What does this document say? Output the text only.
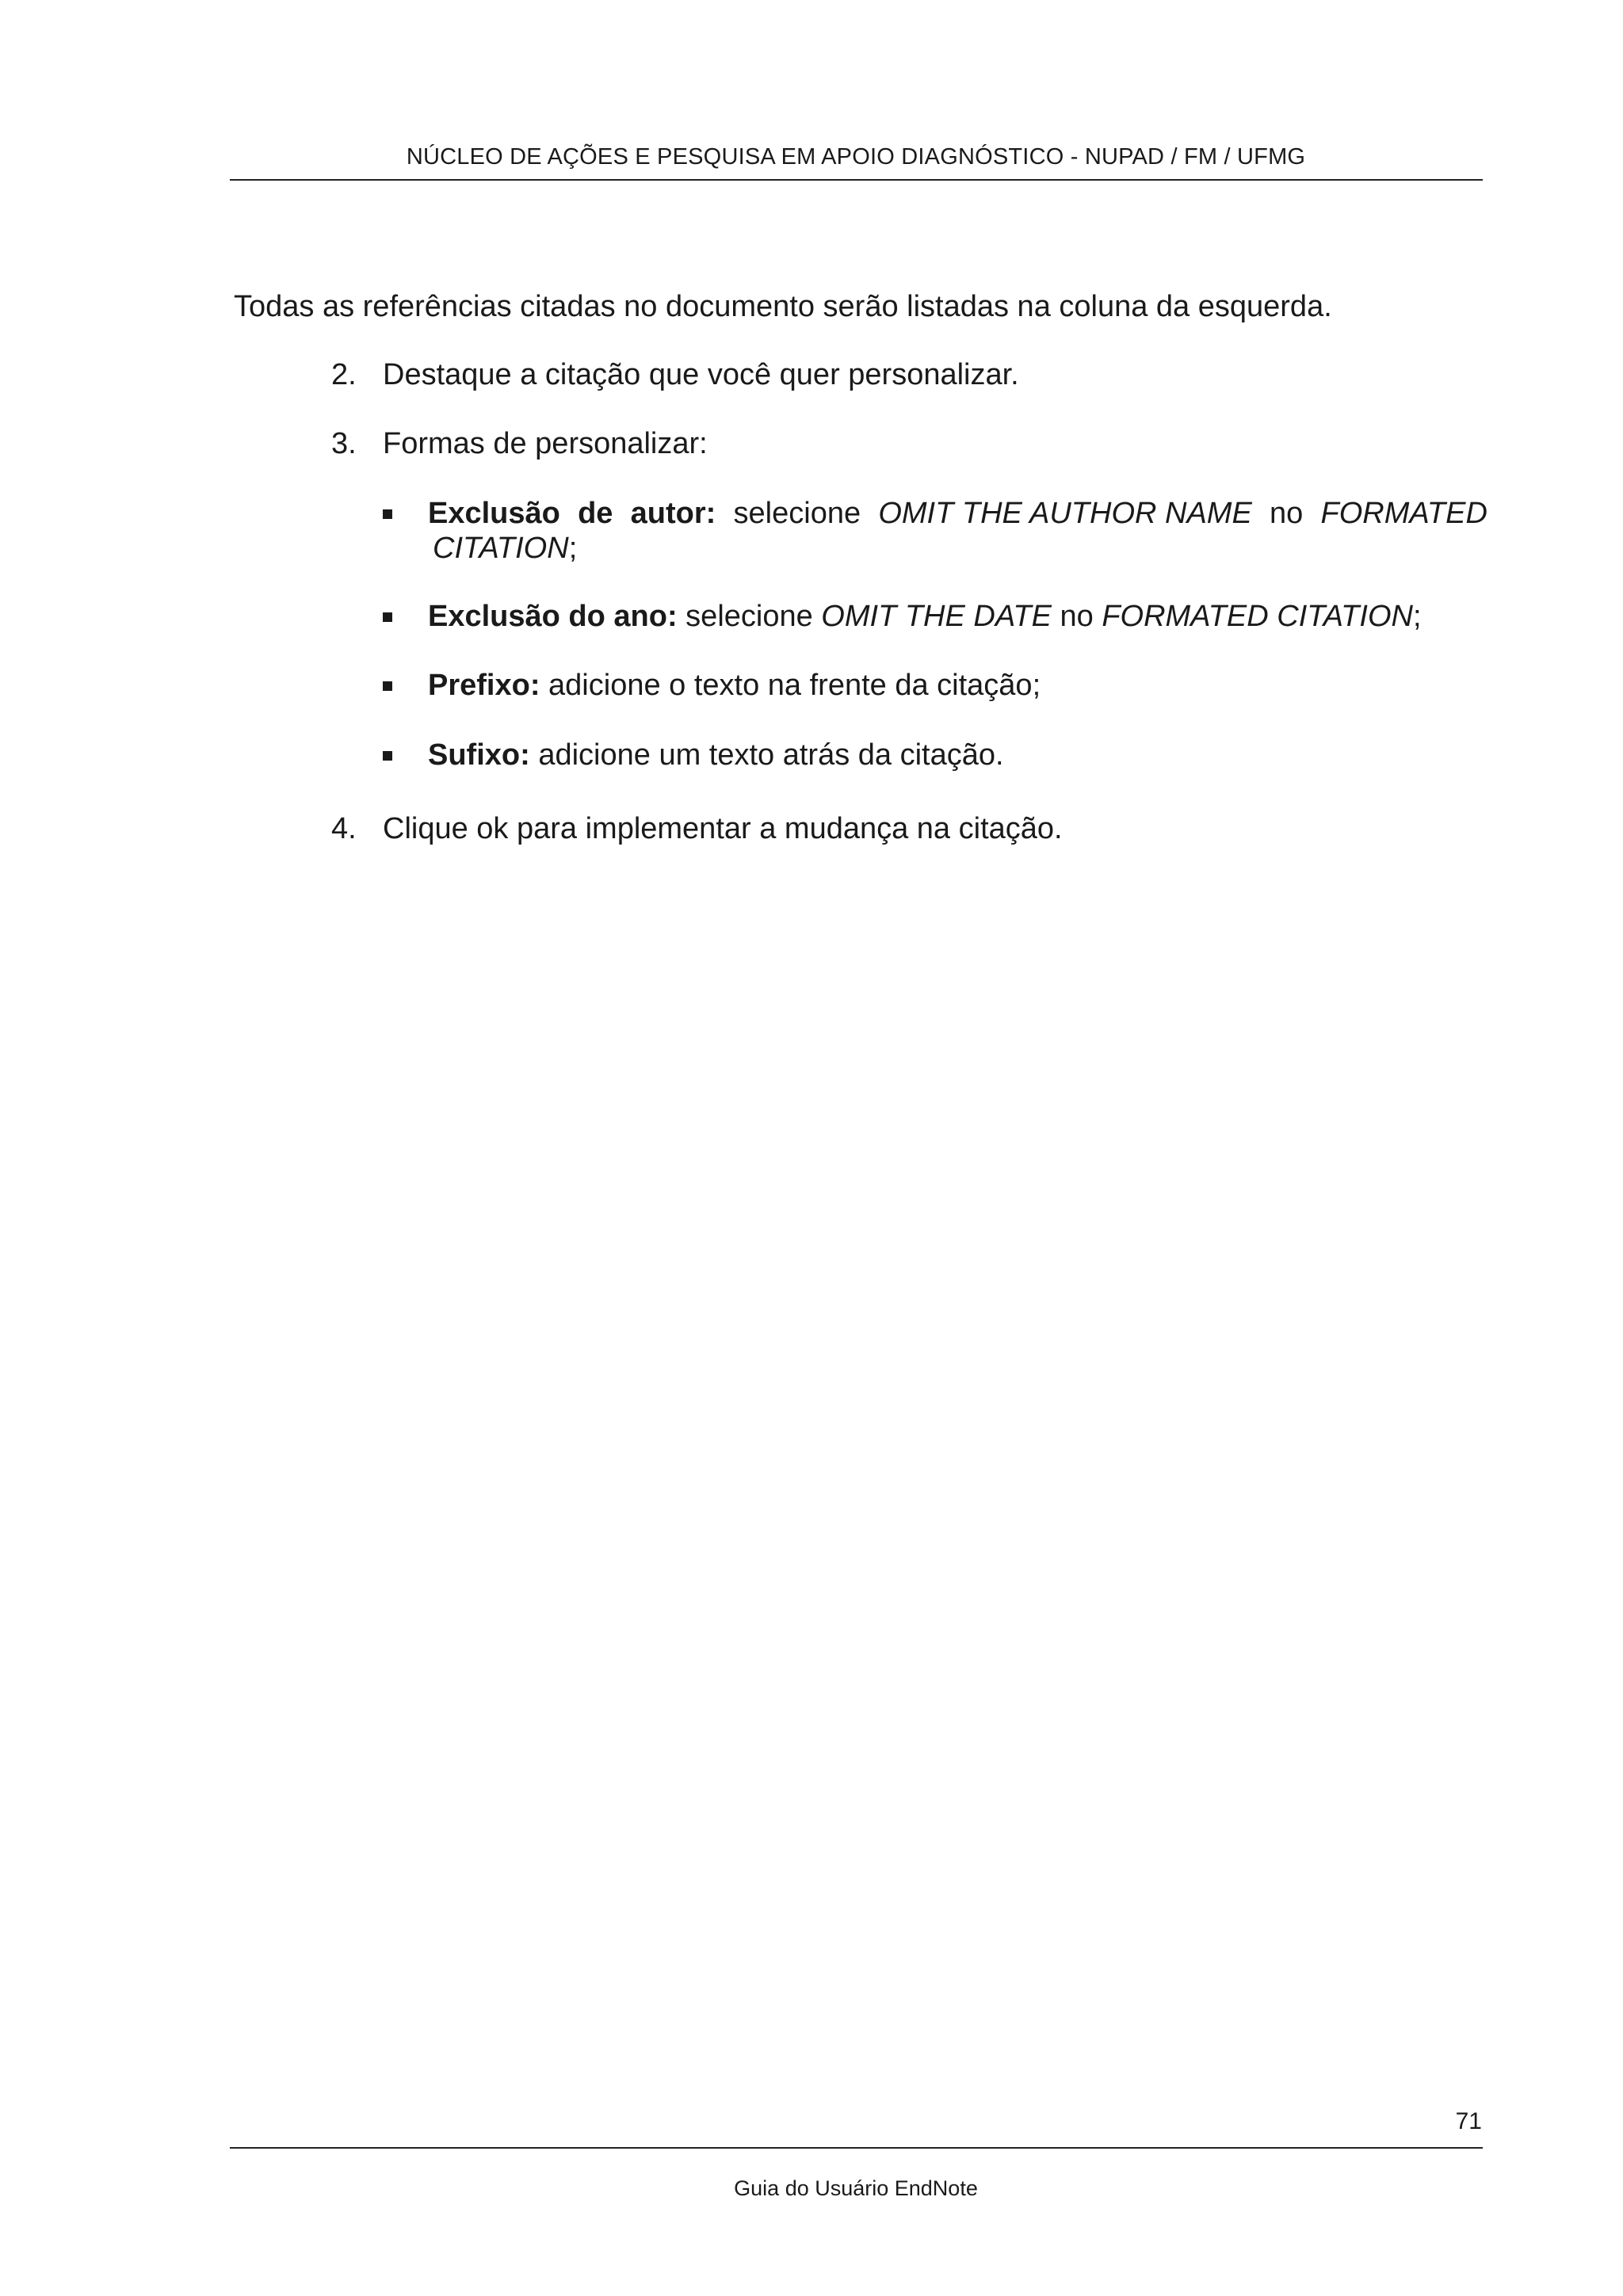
NÚCLEO DE AÇÕES E PESQUISA EM APOIO DIAGNÓSTICO - NUPAD / FM / UFMG
Todas as referências citadas no documento serão listadas na coluna da esquerda.
2. Destaque a citação que você quer personalizar.
3. Formas de personalizar:
Exclusão de autor: selecione OMIT THE AUTHOR NAME no FORMATED
CITATION;
Exclusão do ano: selecione OMIT THE DATE no FORMATED CITATION;
Prefixo: adicione o texto na frente da citação;
Sufixo: adicione um texto atrás da citação.
4. Clique ok para implementar a mudança na citação.
71
Guia do Usuário EndNote
